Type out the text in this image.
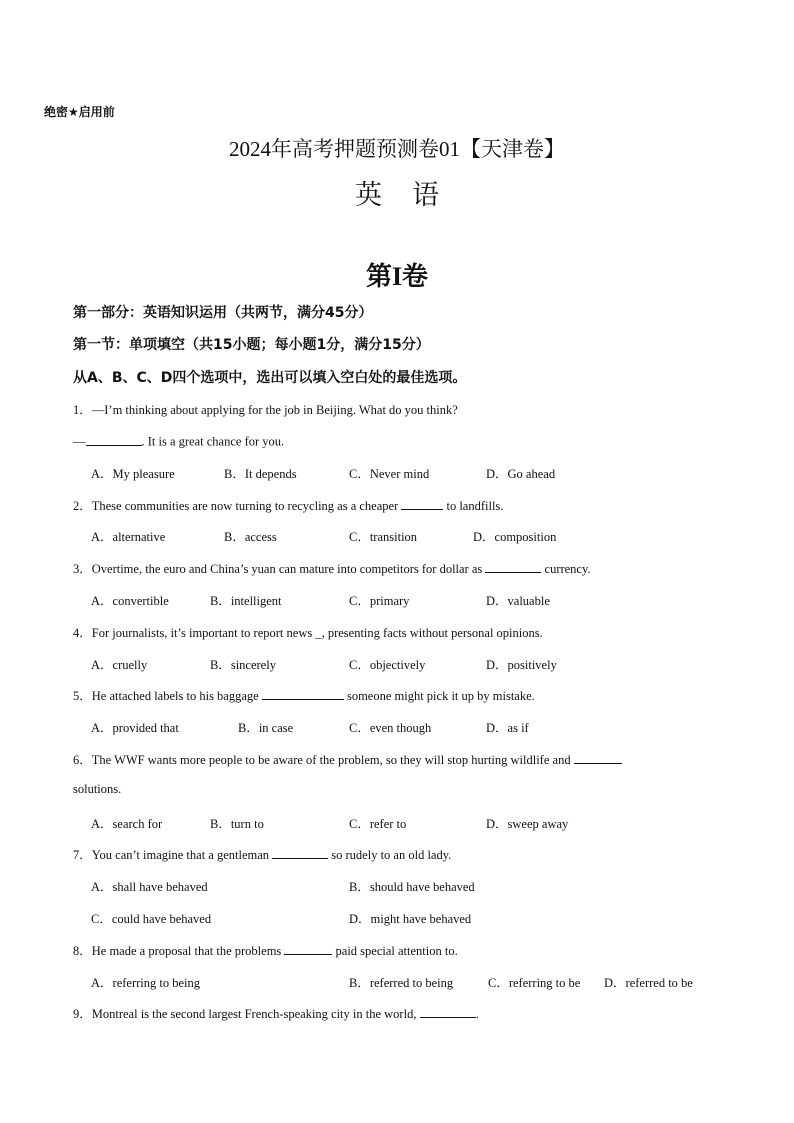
绝密★启用前
2024年高考押题预测卷01【天津卷】
英语
第I卷
第一部分：英语知识运用（共两节，满分45分）
第一节：单项填空（共15小题；每小题1分，满分15分）
从A、B、C、D四个选项中，选出可以填入空白处的最佳选项。
1．—I’m thinking about applying for the job in Beijing. What do you think?
—	. It is a great chance for you.
A．My pleasure	B．It depends	C．Never mind	D．Go ahead
2．These communities are now turning to recycling as a cheaper	to landfills.
A．alternative	B．access	C．transition	D．composition
3．Overtime, the euro and China’s yuan can mature into competitors for dollar as	currency.
A．convertible	B．intelligent	C．primary	D．valuable
4．For journalists, it’s important to report news _, presenting facts without personal opinions.
A．cruelly	B．sincerely	C．objectively	D．positively
5．He attached labels to his baggage	someone might pick it up by mistake.
A．provided that	B．in case	C．even though	D．as if
6．The WWF wants more people to be aware of the problem, so they will stop hurting wildlife and
solutions.
A．search for	B．turn to	C．refer to	D．sweep away
7．You can’t imagine that a gentleman	so rudely to an old lady.
A．shall have behaved	B．should have behaved
C．could have behaved	D．might have behaved
8．He made a proposal that the problems	paid special attention to.
A．referring to being	B．referred to being	C．referring to be D．referred to be
9．Montreal is the second largest French-speaking city in the world,	.
